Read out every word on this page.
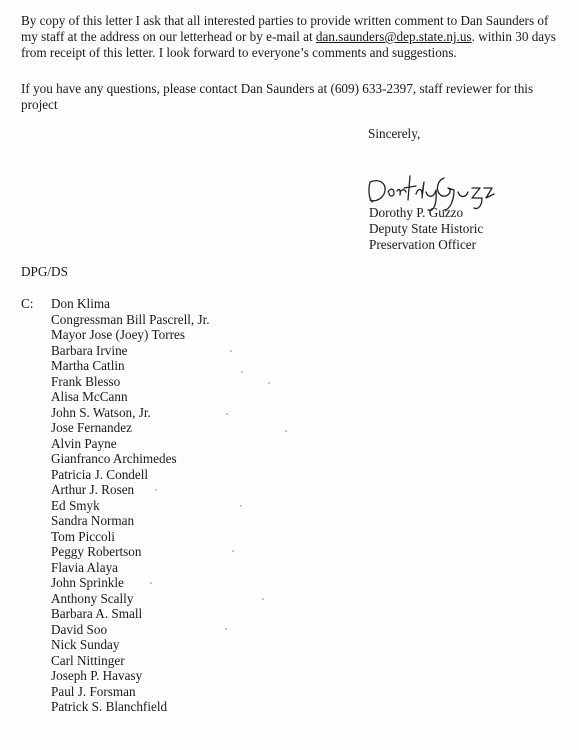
By copy of this letter I ask that all interested parties to provide written comment to Dan Saunders of my staff at the address on our letterhead or by e-mail at dan.saunders@dep.state.nj.us. within 30 days from receipt of this letter. I look forward to everyone’s comments and suggestions.

If you have any questions, please contact Dan Saunders at (609) 633-2397, staff reviewer for this project

Sincerely,
Dorothy P. Guzzo
Deputy State Historic
Preservation Officer
DPG/DS
C: Don Klima
Congressman Bill Pascrell, Jr.
Mayor Jose (Joey) Torres
Barbara Irvine
Martha Catlin
Frank Blesso
Alisa McCann
John S. Watson, Jr.
Jose Fernandez
Alvin Payne
Gianfranco Archimedes
Patricia J. Condell
Arthur J. Rosen
Ed Smyk
Sandra Norman
Tom Piccoli
Peggy Robertson
Flavia Alaya
John Sprinkle
Anthony Scally
Barbara A. Small
David Soo
Nick Sunday
Carl Nittinger
Joseph P. Havasy
Paul J. Forsman
Patrick S. Blanchfield
